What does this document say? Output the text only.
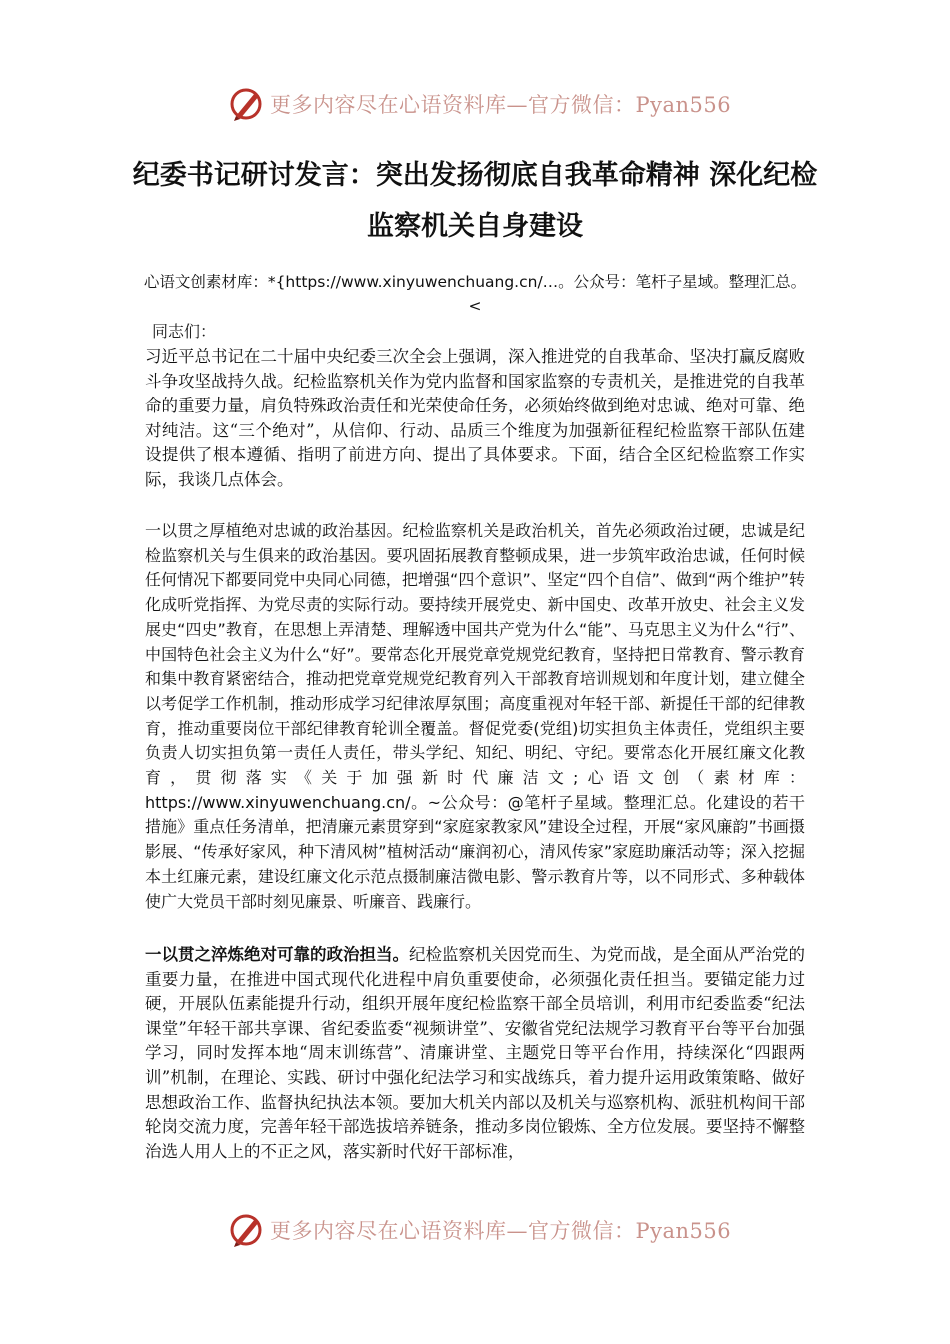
更多内容尽在心语资料库—官方微信：Pyan556
纪委书记研讨发言：突出发扬彻底自我革命精神 深化纪检监察机关自身建设
心语文创素材库：*{https://www.xinyuwenchuang.cn/…。公众号：笔杆子星域。整理汇总。<
同志们：

习近平总书记在二十届中央纪委三次全会上强调，深入推进党的自我革命、坚决打赢反腐败斗争攻坚战持久战。纪检监察机关作为党内监督和国家监察的专责机关，是推进党的自我革命的重要力量，肩负特殊政治责任和光荣使命任务，必须始终做到绝对忠诚、绝对可靠、绝对纯洁。这“三个绝对”，从信仰、行动、品质三个维度为加强新征程纪检监察干部队伍建设提供了根本遵循、指明了前进方向、提出了具体要求。下面，结合全区纪检监察工作实际，我谈几点体会。

一以贯之厚植绝对忠诚的政治基因。纪检监察机关是政治机关，首先必须政治过硬，忠诚是纪检监察机关与生俱来的政治基因。要巩固拓展教育整顿成果，进一步筑牢政治忠诚，任何时候任何情况下都要同党中央同心同德，把增强“四个意识”、坚定“四个自信”、做到“两个维护”转化成听党指挥、为党尽责的实际行动。要持续开展党史、新中国史、改革开放史、社会主义发展史“四史”教育，在思想上弄清楚、理解透中国共产党为什么“能”、马克思主义为什么“行”、中国特色社会主义为什么“好”。要常态化开展党章党规党纪教育，坚持把日常教育、警示教育和集中教育紧密结合，推动把党章党规党纪教育列入干部教育培训规划和年度计划，建立健全以考促学工作机制，推动形成学习纪律浓厚氛围；高度重视对年轻干部、新提任干部的纪律教育，推动重要岗位干部纪律教育轮训全覆盖。督促党委(党组)切实担负主体责任，党组织主要负责人切实担负第一责任人责任，带头学纪、知纪、明纪、守纪。要常态化开展红廉文化教育，贯彻落实《关于加强新时代廉洁文;心语文创（素材库：https://www.xinyuwenchuang.cn/。~公众号：@笔杆子星域。整理汇总。化建设的若干措施》重点任务清单，把清廉元素贯穿到“家庭家教家风”建设全过程，开展“家风廉韵”书画摄影展、“传承好家风，种下清风树”植树活动“廉润初心，清风传家”家庭助廉活动等；深入挖掘本土红廉元素，建设红廉文化示范点摄制廉洁微电影、警示教育片等，以不同形式、多种载体使广大党员干部时刻见廉景、听廉音、践廉行。

一以贯之淬炼绝对可靠的政治担当。纪检监察机关因党而生、为党而战，是全面从严治党的重要力量，在推进中国式现代化进程中肩负重要使命，必须强化责任担当。要锚定能力过硬，开展队伍素能提升行动，组织开展年度纪检监察干部全员培训，利用市纪委监委“纪法课堂”年轻干部共享课、省纪委监委“视频讲堂”、安徽省党纪法规学习教育平台等平台加强学习，同时发挥本地“周末训练营”、清廉讲堂、主题党日等平台作用，持续深化“四跟两训”机制，在理论、实践、研讨中强化纪法学习和实战练兵，着力提升运用政策策略、做好思想政治工作、监督执纪执法本领。要加大机关内部以及机关与巡察机构、派驻机构间干部轮岗交流力度，完善年轻干部选拔培养链条，推动多岗位锻炼、全方位发展。要坚持不懈整治选人用人上的不正之风，落实新时代好干部标准，

更多内容尽在心语资料库—官方微信：Pyan556
